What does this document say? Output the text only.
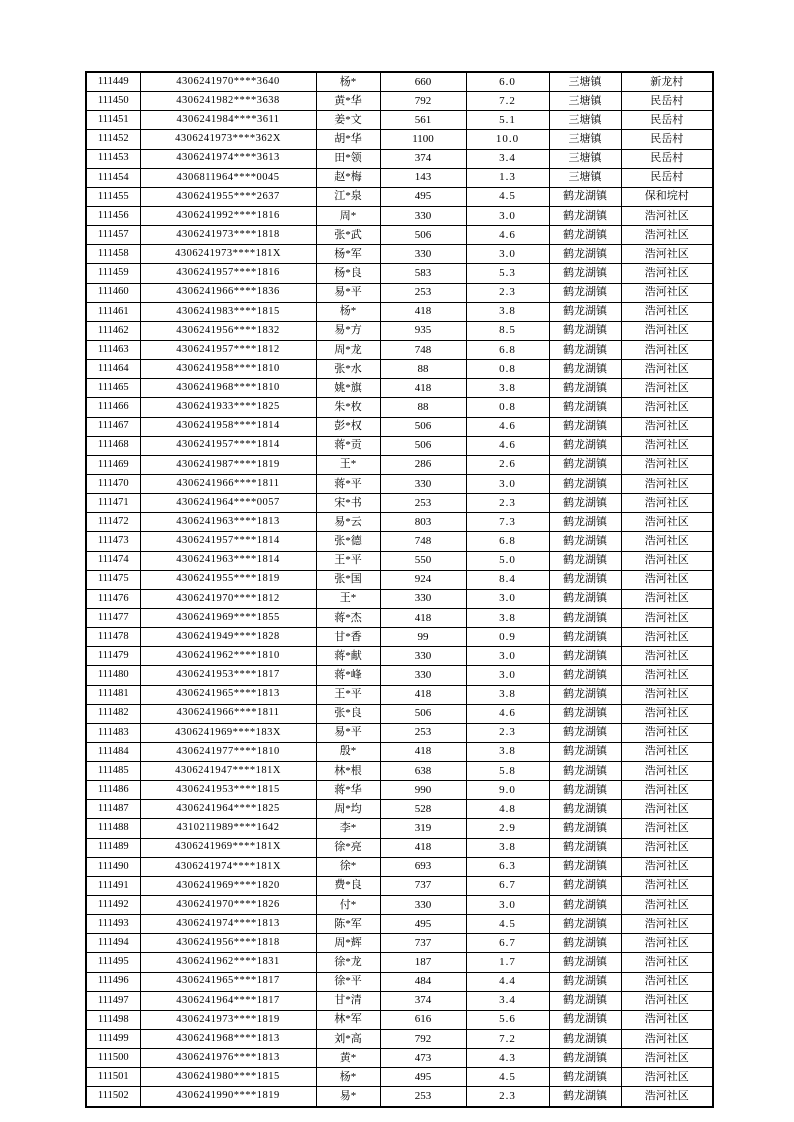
111449	4306241970****3640	杨*	660	6.0	三塘镇	新龙村
111450	4306241982****3638	黄*华	792	7.2	三塘镇	民岳村
111451	4306241984****3611	姜*文	561	5.1	三塘镇	民岳村
111452	4306241973****362X	胡*华	1100	10.0	三塘镇	民岳村
111453	4306241974****3613	田*领	374	3.4	三塘镇	民岳村
111454	4306811964****0045	赵*梅	143	1.3	三塘镇	民岳村
111455	4306241955****2637	江*泉	495	4.5	鹤龙湖镇	保和垸村
111456	4306241992****1816	周*	330	3.0	鹤龙湖镇	浩河社区
111457	4306241973****1818	张*武	506	4.6	鹤龙湖镇	浩河社区
111458	4306241973****181X	杨*军	330	3.0	鹤龙湖镇	浩河社区
111459	4306241957****1816	杨*良	583	5.3	鹤龙湖镇	浩河社区
111460	4306241966****1836	易*平	253	2.3	鹤龙湖镇	浩河社区
111461	4306241983****1815	杨*	418	3.8	鹤龙湖镇	浩河社区
111462	4306241956****1832	易*方	935	8.5	鹤龙湖镇	浩河社区
111463	4306241957****1812	周*龙	748	6.8	鹤龙湖镇	浩河社区
111464	4306241958****1810	张*水	88	0.8	鹤龙湖镇	浩河社区
111465	4306241968****1810	姚*旗	418	3.8	鹤龙湖镇	浩河社区
111466	4306241933****1825	朱*枚	88	0.8	鹤龙湖镇	浩河社区
111467	4306241958****1814	彭*权	506	4.6	鹤龙湖镇	浩河社区
111468	4306241957****1814	蒋*贡	506	4.6	鹤龙湖镇	浩河社区
111469	4306241987****1819	王*	286	2.6	鹤龙湖镇	浩河社区
111470	4306241966****1811	蒋*平	330	3.0	鹤龙湖镇	浩河社区
111471	4306241964****0057	宋*书	253	2.3	鹤龙湖镇	浩河社区
111472	4306241963****1813	易*云	803	7.3	鹤龙湖镇	浩河社区
111473	4306241957****1814	张*德	748	6.8	鹤龙湖镇	浩河社区
111474	4306241963****1814	王*平	550	5.0	鹤龙湖镇	浩河社区
111475	4306241955****1819	张*国	924	8.4	鹤龙湖镇	浩河社区
111476	4306241970****1812	王*	330	3.0	鹤龙湖镇	浩河社区
111477	4306241969****1855	蒋*杰	418	3.8	鹤龙湖镇	浩河社区
111478	4306241949****1828	甘*香	99	0.9	鹤龙湖镇	浩河社区
111479	4306241962****1810	蒋*献	330	3.0	鹤龙湖镇	浩河社区
111480	4306241953****1817	蒋*峰	330	3.0	鹤龙湖镇	浩河社区
111481	4306241965****1813	王*平	418	3.8	鹤龙湖镇	浩河社区
111482	4306241966****1811	张*良	506	4.6	鹤龙湖镇	浩河社区
111483	4306241969****183X	易*平	253	2.3	鹤龙湖镇	浩河社区
111484	4306241977****1810	殷*	418	3.8	鹤龙湖镇	浩河社区
111485	4306241947****181X	林*根	638	5.8	鹤龙湖镇	浩河社区
111486	4306241953****1815	蒋*华	990	9.0	鹤龙湖镇	浩河社区
111487	4306241964****1825	周*均	528	4.8	鹤龙湖镇	浩河社区
111488	4310211989****1642	李*	319	2.9	鹤龙湖镇	浩河社区
111489	4306241969****181X	徐*亮	418	3.8	鹤龙湖镇	浩河社区
111490	4306241974****181X	徐*	693	6.3	鹤龙湖镇	浩河社区
111491	4306241969****1820	费*良	737	6.7	鹤龙湖镇	浩河社区
111492	4306241970****1826	付*	330	3.0	鹤龙湖镇	浩河社区
111493	4306241974****1813	陈*军	495	4.5	鹤龙湖镇	浩河社区
111494	4306241956****1818	周*辉	737	6.7	鹤龙湖镇	浩河社区
111495	4306241962****1831	徐*龙	187	1.7	鹤龙湖镇	浩河社区
111496	4306241965****1817	徐*平	484	4.4	鹤龙湖镇	浩河社区
111497	4306241964****1817	甘*清	374	3.4	鹤龙湖镇	浩河社区
111498	4306241973****1819	林*军	616	5.6	鹤龙湖镇	浩河社区
111499	4306241968****1813	刘*高	792	7.2	鹤龙湖镇	浩河社区
111500	4306241976****1813	黄*	473	4.3	鹤龙湖镇	浩河社区
111501	4306241980****1815	杨*	495	4.5	鹤龙湖镇	浩河社区
111502	4306241990****1819	易*	253	2.3	鹤龙湖镇	浩河社区
